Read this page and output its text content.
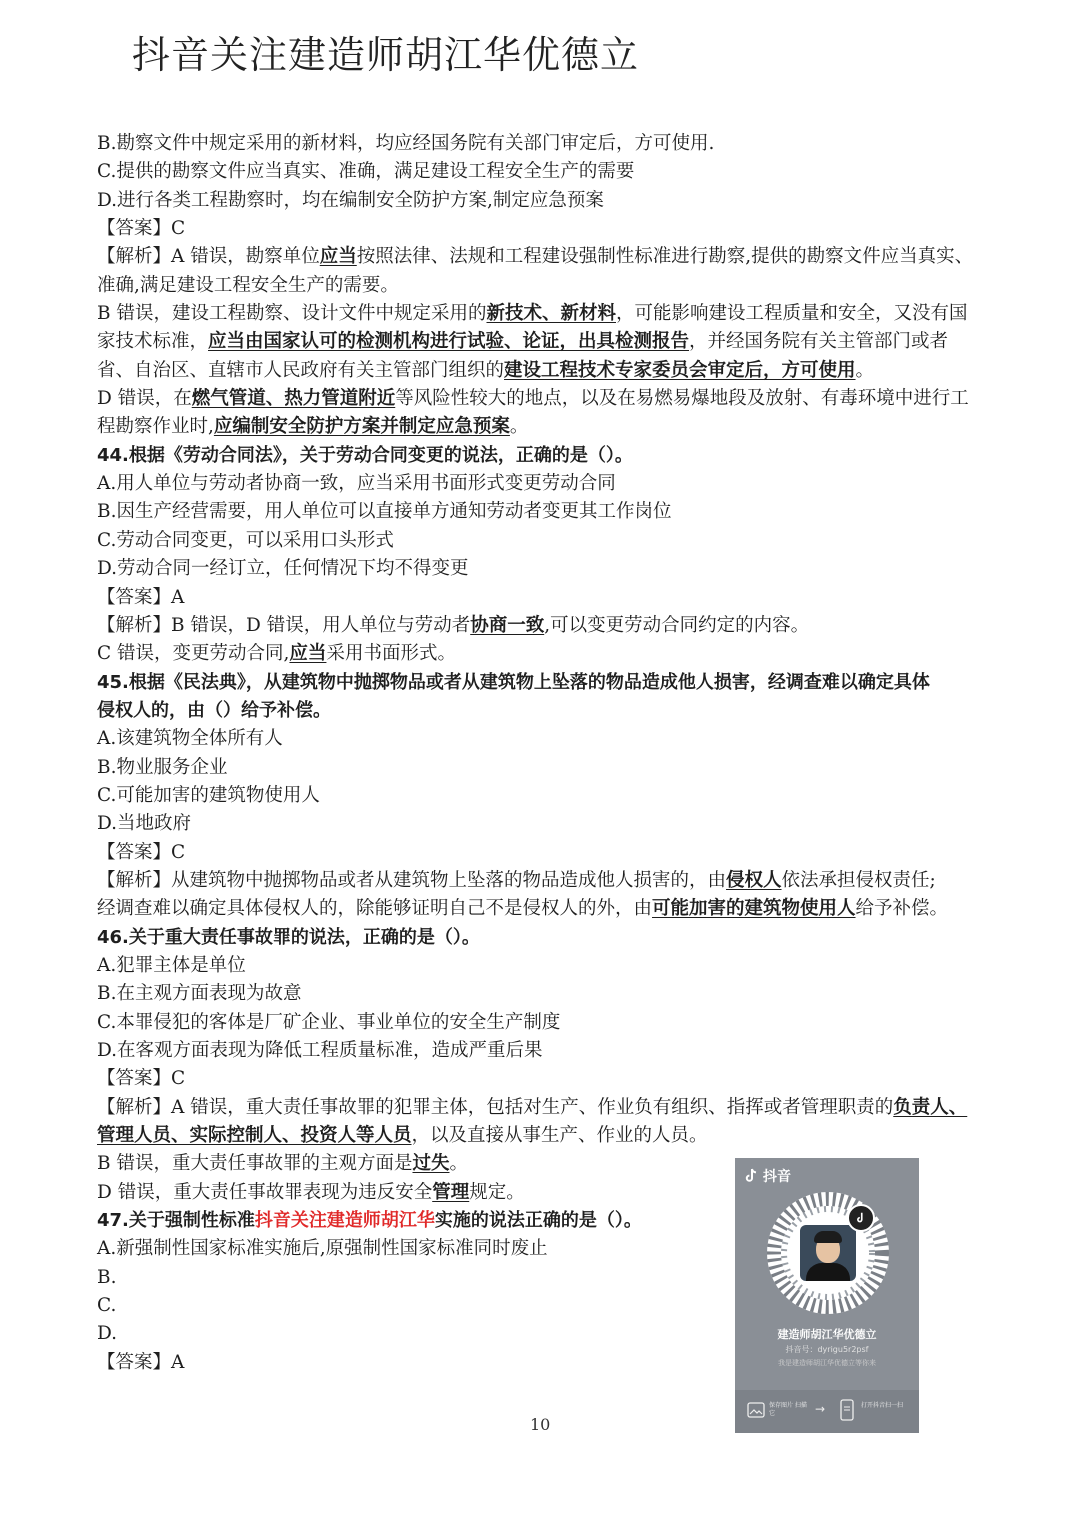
抖音关注建造师胡江华优德立
B.勘察文件中规定采用的新材料，均应经国务院有关部门审定后，方可使用.
C.提供的勘察文件应当真实、准确，满足建设工程安全生产的需要
D.进行各类工程勘察时，均在编制安全防护方案,制定应急预案
【答案】C
【解析】A 错误，勘察单位应当按照法律、法规和工程建设强制性标准进行勘察,提供的勘察文件应当真实、
准确,满足建设工程安全生产的需要。
B 错误，建设工程勘察、设计文件中规定采用的新技术、新材料，可能影响建设工程质量和安全，又没有国
家技术标准，应当由国家认可的检测机构进行试验、论证，出具检测报告，并经国务院有关主管部门或者
省、自治区、直辖市人民政府有关主管部门组织的建设工程技术专家委员会审定后，方可使用。
D 错误，在燃气管道、热力管道附近等风险性较大的地点，以及在易燃易爆地段及放射、有毒环境中进行工
程勘察作业时,应编制安全防护方案并制定应急预案。
44.根据《劳动合同法》，关于劳动合同变更的说法，正确的是（）。
A.用人单位与劳动者协商一致，应当采用书面形式变更劳动合同
B.因生产经营需要，用人单位可以直接单方通知劳动者变更其工作岗位
C.劳动合同变更，可以采用口头形式
D.劳动合同一经订立，任何情况下均不得变更
【答案】A
【解析】B 错误，D 错误，用人单位与劳动者协商一致,可以变更劳动合同约定的内容。
C 错误，变更劳动合同,应当采用书面形式。
45.根据《民法典》，从建筑物中抛掷物品或者从建筑物上坠落的物品造成他人损害，经调查难以确定具体
侵权人的，由（）给予补偿。
A.该建筑物全体所有人
B.物业服务企业
C.可能加害的建筑物使用人
D.当地政府
【答案】C
【解析】从建筑物中抛掷物品或者从建筑物上坠落的物品造成他人损害的，由侵权人依法承担侵权责任;
经调查难以确定具体侵权人的，除能够证明自己不是侵权人的外，由可能加害的建筑物使用人给予补偿。
46.关于重大责任事故罪的说法，正确的是（）。
A.犯罪主体是单位
B.在主观方面表现为故意
C.本罪侵犯的客体是厂矿企业、事业单位的安全生产制度
D.在客观方面表现为降低工程质量标准，造成严重后果
【答案】C
【解析】A 错误，重大责任事故罪的犯罪主体，包括对生产、作业负有组织、指挥或者管理职责的负责人、
管理人员、实际控制人、投资人等人员，以及直接从事生产、作业的人员。
B 错误，重大责任事故罪的主观方面是过失。
D 错误，重大责任事故罪表现为违反安全管理规定。
47.关于强制性标准抖音关注建造师胡江华实施的说法正确的是（）。
A.新强制性国家标准实施后,原强制性国家标准同时废止
B.
C.
D.
【答案】A
10
抖音
建造师胡江华优德立
抖音号：dyrigu5r2psf
我是建造师胡江华优德立等你来
保存图片 扫描它	→	打开抖音扫一扫
